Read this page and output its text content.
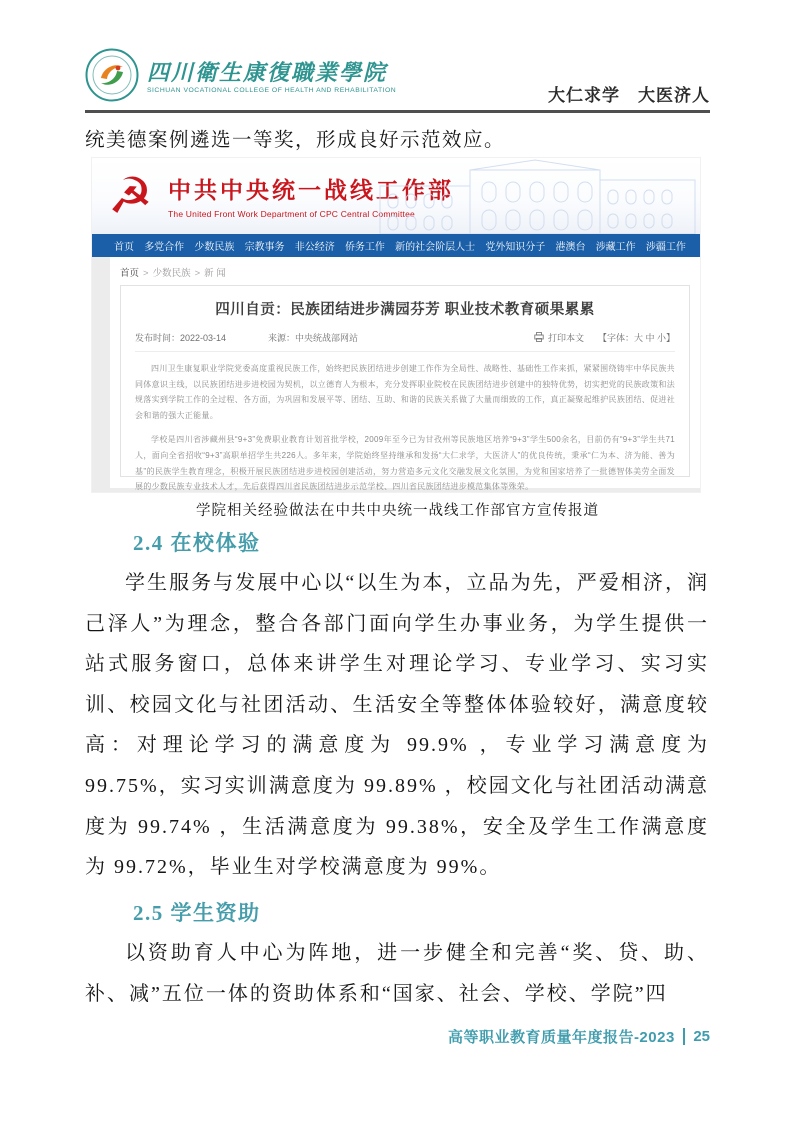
四川衛生康復職業學院
SICHUAN VOCATIONAL COLLEGE OF HEALTH AND REHABILITATION	大仁求学　大医济人
统美德案例遴选一等奖，形成良好示范效应。
☭ 中共中央统一战线工作部
The United Front Work Department of CPC Central Committee
首页 多党合作 少数民族 宗教事务 非公经济 侨务工作 新的社会阶层人士 党外知识分子 港澳台 涉藏工作 涉疆工作
首页 > 少数民族 > 新 闻
四川自贡：民族团结进步满园芬芳 职业技术教育硕果累累
发布时间：2022-03-14	来源：中央统战部网站	打印本文 【字体：大 中 小】
四川卫生康复职业学院党委高度重视民族工作，始终把民族团结进步创建工作作为全局性、战略性、基础性工作来抓，紧紧围绕铸牢中华民族共同体意识主线，以民族团结进步进校园为契机，以立德育人为根本，充分发挥职业院校在民族团结进步创建中的独特优势，切实把党的民族政策和法规落实到学院工作的全过程、各方面，为巩固和发展平等、团结、互助、和谐的民族关系做了大量而细致的工作，真正凝聚起维护民族团结、促进社会和谐的强大正能量。
学校是四川省涉藏州县“9+3”免费职业教育计划首批学校，2009年至今已为甘孜州等民族地区培养“9+3”学生500余名，目前仍有“9+3”学生共71人，面向全省招收“9+3”高职单招学生共226人。多年来，学院始终坚持继承和发扬“大仁求学，大医济人”的优良传统，秉承“仁为本、济为能、善为基”的民族学生教育理念，积极开展民族团结进步进校园创建活动，努力营造多元文化交融发展文化氛围，为党和国家培养了一批德智体美劳全面发展的少数民族专业技术人才，先后获得四川省民族团结进步示范学校、四川省民族团结进步模范集体等殊荣。
学院相关经验做法在中共中央统一战线工作部官方宣传报道
2.4 在校体验
学生服务与发展中心以“以生为本，立品为先，严爱相济，润己泽人”为理念，整合各部门面向学生办事业务，为学生提供一站式服务窗口，总体来讲学生对理论学习、专业学习、实习实训、校园文化与社团活动、生活安全等整体体验较好，满意度较高：对理论学习的满意度为 99.9% ，专业学习满意度为 99.75%，实习实训满意度为 99.89% ，校园文化与社团活动满意度为 99.74% ，生活满意度为 99.38%，安全及学生工作满意度为 99.72%，毕业生对学校满意度为 99%。
2.5 学生资助
以资助育人中心为阵地，进一步健全和完善“奖、贷、助、补、减”五位一体的资助体系和“国家、社会、学校、学院”四
高等职业教育质量年度报告-2023 25
